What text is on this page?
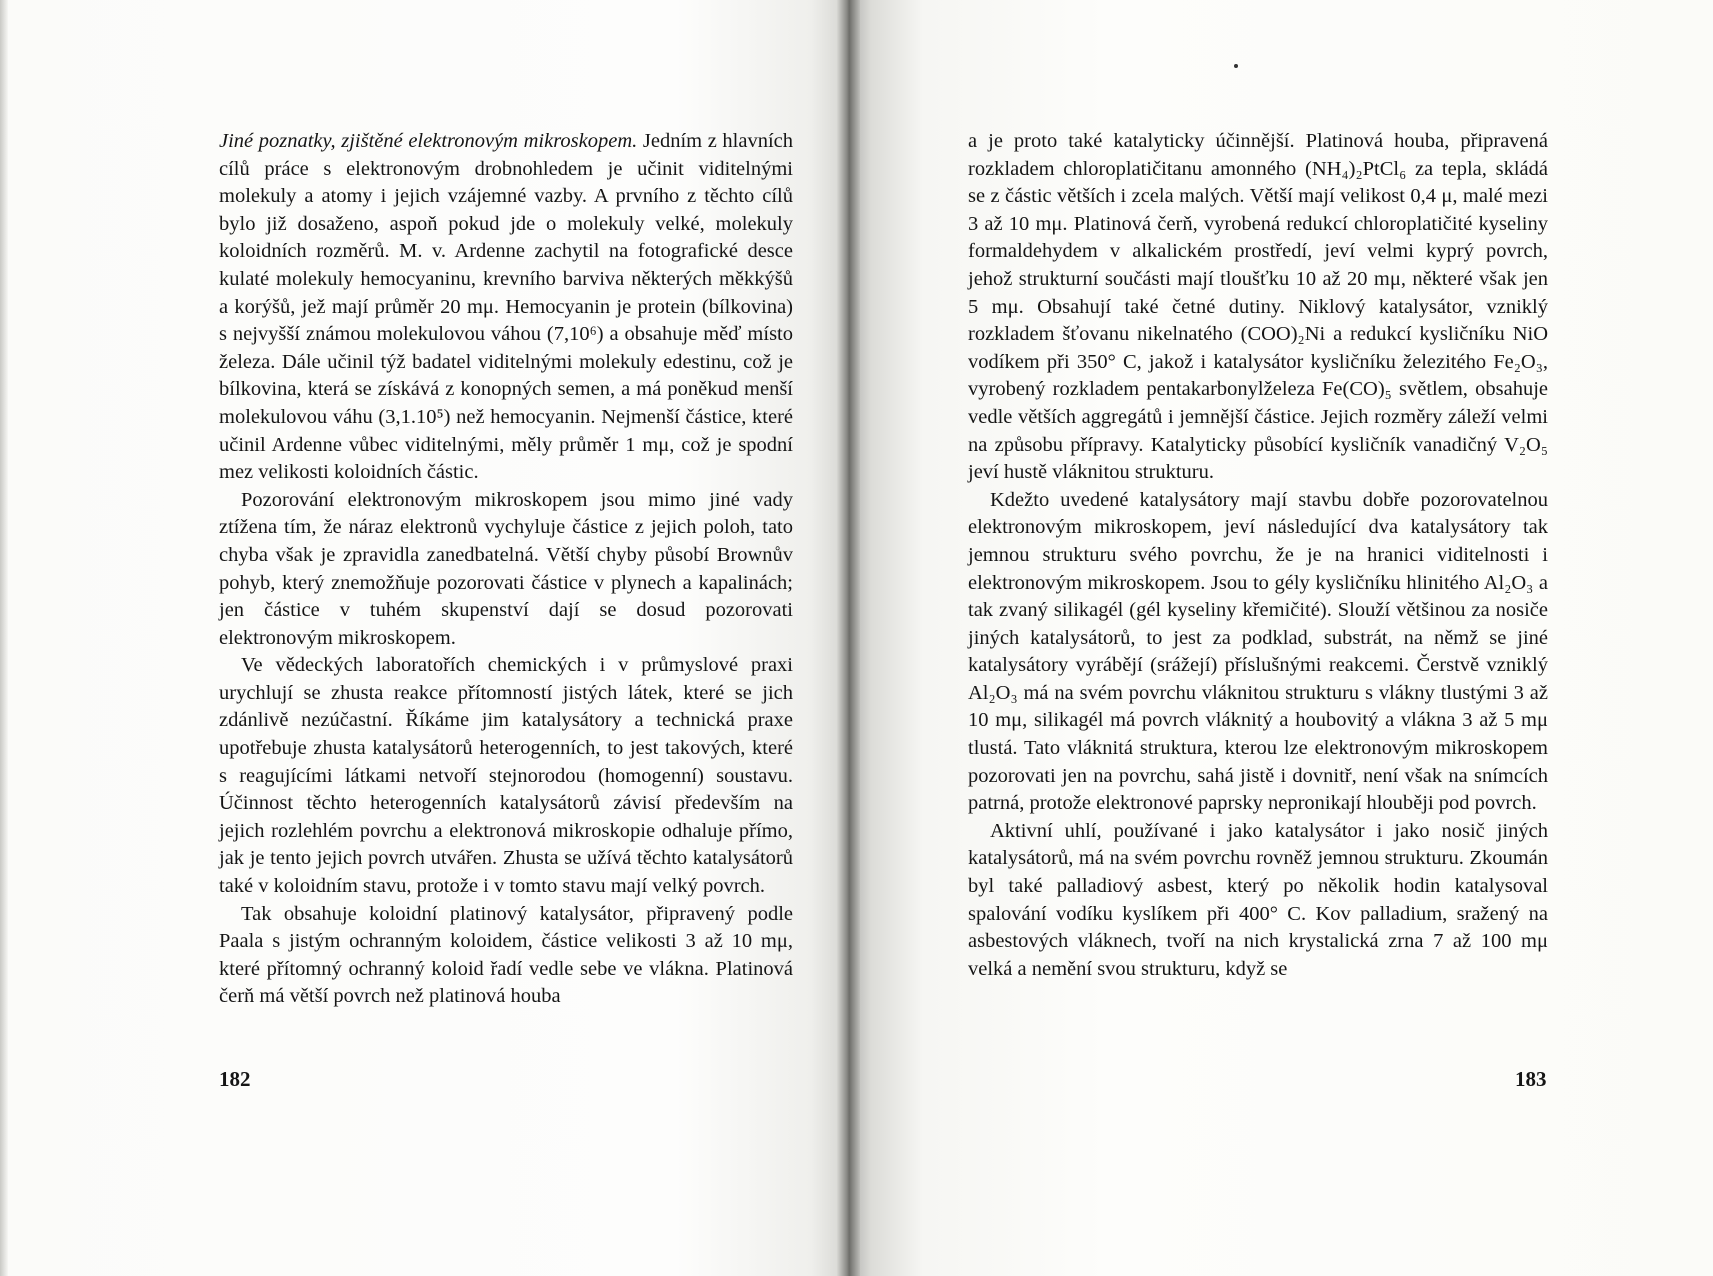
Jiné poznatky, zjištěné elektronovým mikroskopem. Jedním z hlavních cílů práce s elektronovým drobnohledem je učinit viditelnými molekuly a atomy i jejich vzájemné vazby. A prvního z těchto cílů bylo již dosaženo, aspoň pokud jde o molekuly velké, molekuly koloidních rozměrů. M. v. Ardenne zachytil na fotografické desce kulaté molekuly hemocyaninu, krevního barviva některých měkkýšů a korýšů, jež mají průměr 20 mμ. Hemocyanin je protein (bílkovina) s nejvyšší známou molekulovou váhou (7,10⁶) a obsahuje měď místo železa. Dále učinil týž badatel viditelnými molekuly edestinu, což je bílkovina, která se získává z konopných semen, a má poněkud menší molekulovou váhu (3,1.10⁵) než hemocyanin. Nejmenší částice, které učinil Ardenne vůbec viditelnými, měly průměr 1 mμ, což je spodní mez velikosti koloidních částic.

Pozorování elektronovým mikroskopem jsou mimo jiné vady ztížena tím, že náraz elektronů vychyluje částice z jejich poloh, tato chyba však je zpravidla zanedbatelná. Větší chyby působí Brownův pohyb, který znemožňuje pozorovati částice v plynech a kapalinách; jen částice v tuhém skupenství dají se dosud pozorovati elektronovým mikroskopem.

Ve vědeckých laboratořích chemických i v průmyslové praxi urychlují se zhusta reakce přítomností jistých látek, které se jich zdánlivě nezúčastní. Říkáme jim katalysátory a technická praxe upotřebuje zhusta katalysátorů heterogenních, to jest takových, které s reagujícími látkami netvoří stejnorodou (homogenní) soustavu. Účinnost těchto heterogenních katalysátorů závisí především na jejich rozlehlém povrchu a elektronová mikroskopie odhaluje přímo, jak je tento jejich povrch utvářen. Zhusta se užívá těchto katalysátorů také v koloidním stavu, protože i v tomto stavu mají velký povrch.

Tak obsahuje koloidní platinový katalysátor, připravený podle Paala s jistým ochranným koloidem, částice velikosti 3 až 10 mμ, které přítomný ochranný koloid řadí vedle sebe ve vlákna. Platinová čerň má větší povrch než platinová houba

182

a je proto také katalyticky účinnější. Platinová houba, připravená rozkladem chloroplatičitanu amonného (NH₄)₂PtCl₆ za tepla, skládá se z částic větších i zcela malých. Větší mají velikost 0,4 μ, malé mezi 3 až 10 mμ. Platinová čerň, vyrobená redukcí chloroplatičité kyseliny formaldehydem v alkalickém prostředí, jeví velmi kyprý povrch, jehož strukturní součásti mají tloušťku 10 až 20 mμ, některé však jen 5 mμ. Obsahují také četné dutiny. Niklový katalysátor, vzniklý rozkladem šťovanu nikelnatého (COO)₂Ni a redukcí kysličníku NiO vodíkem při 350° C, jakož i katalysátor kysličníku železitého Fe₂O₃, vyrobený rozkladem pentakarbonylželeza Fe(CO)₅ světlem, obsahuje vedle větších aggregátů i jemnější částice. Jejich rozměry záleží velmi na způsobu přípravy. Katalyticky působící kysličník vanadičný V₂O₅ jeví hustě vláknitou strukturu.

Kdežto uvedené katalysátory mají stavbu dobře pozorovatelnou elektronovým mikroskopem, jeví následující dva katalysátory tak jemnou strukturu svého povrchu, že je na hranici viditelnosti i elektronovým mikroskopem. Jsou to gély kysličníku hlinitého Al₂O₃ a tak zvaný silikagél (gél kyseliny křemičité). Slouží většinou za nosiče jiných katalysátorů, to jest za podklad, substrát, na němž se jiné katalysátory vyrábějí (srážejí) příslušnými reakcemi. Čerstvě vzniklý Al₂O₃ má na svém povrchu vláknitou strukturu s vlákny tlustými 3 až 10 mμ, silikagél má povrch vláknitý a houbovitý a vlákna 3 až 5 mμ tlustá. Tato vláknitá struktura, kterou lze elektronovým mikroskopem pozorovati jen na povrchu, sahá jistě i dovnitř, není však na snímcích patrná, protože elektronové paprsky nepronikají hlouběji pod povrch.

Aktivní uhlí, používané i jako katalysátor i jako nosič jiných katalysátorů, má na svém povrchu rovněž jemnou strukturu. Zkoumán byl také palladiový asbest, který po několik hodin katalysoval spalování vodíku kyslíkem při 400° C. Kov palladium, sražený na asbestových vláknech, tvoří na nich krystalická zrna 7 až 100 mμ velká a nemění svou strukturu, když se

183
